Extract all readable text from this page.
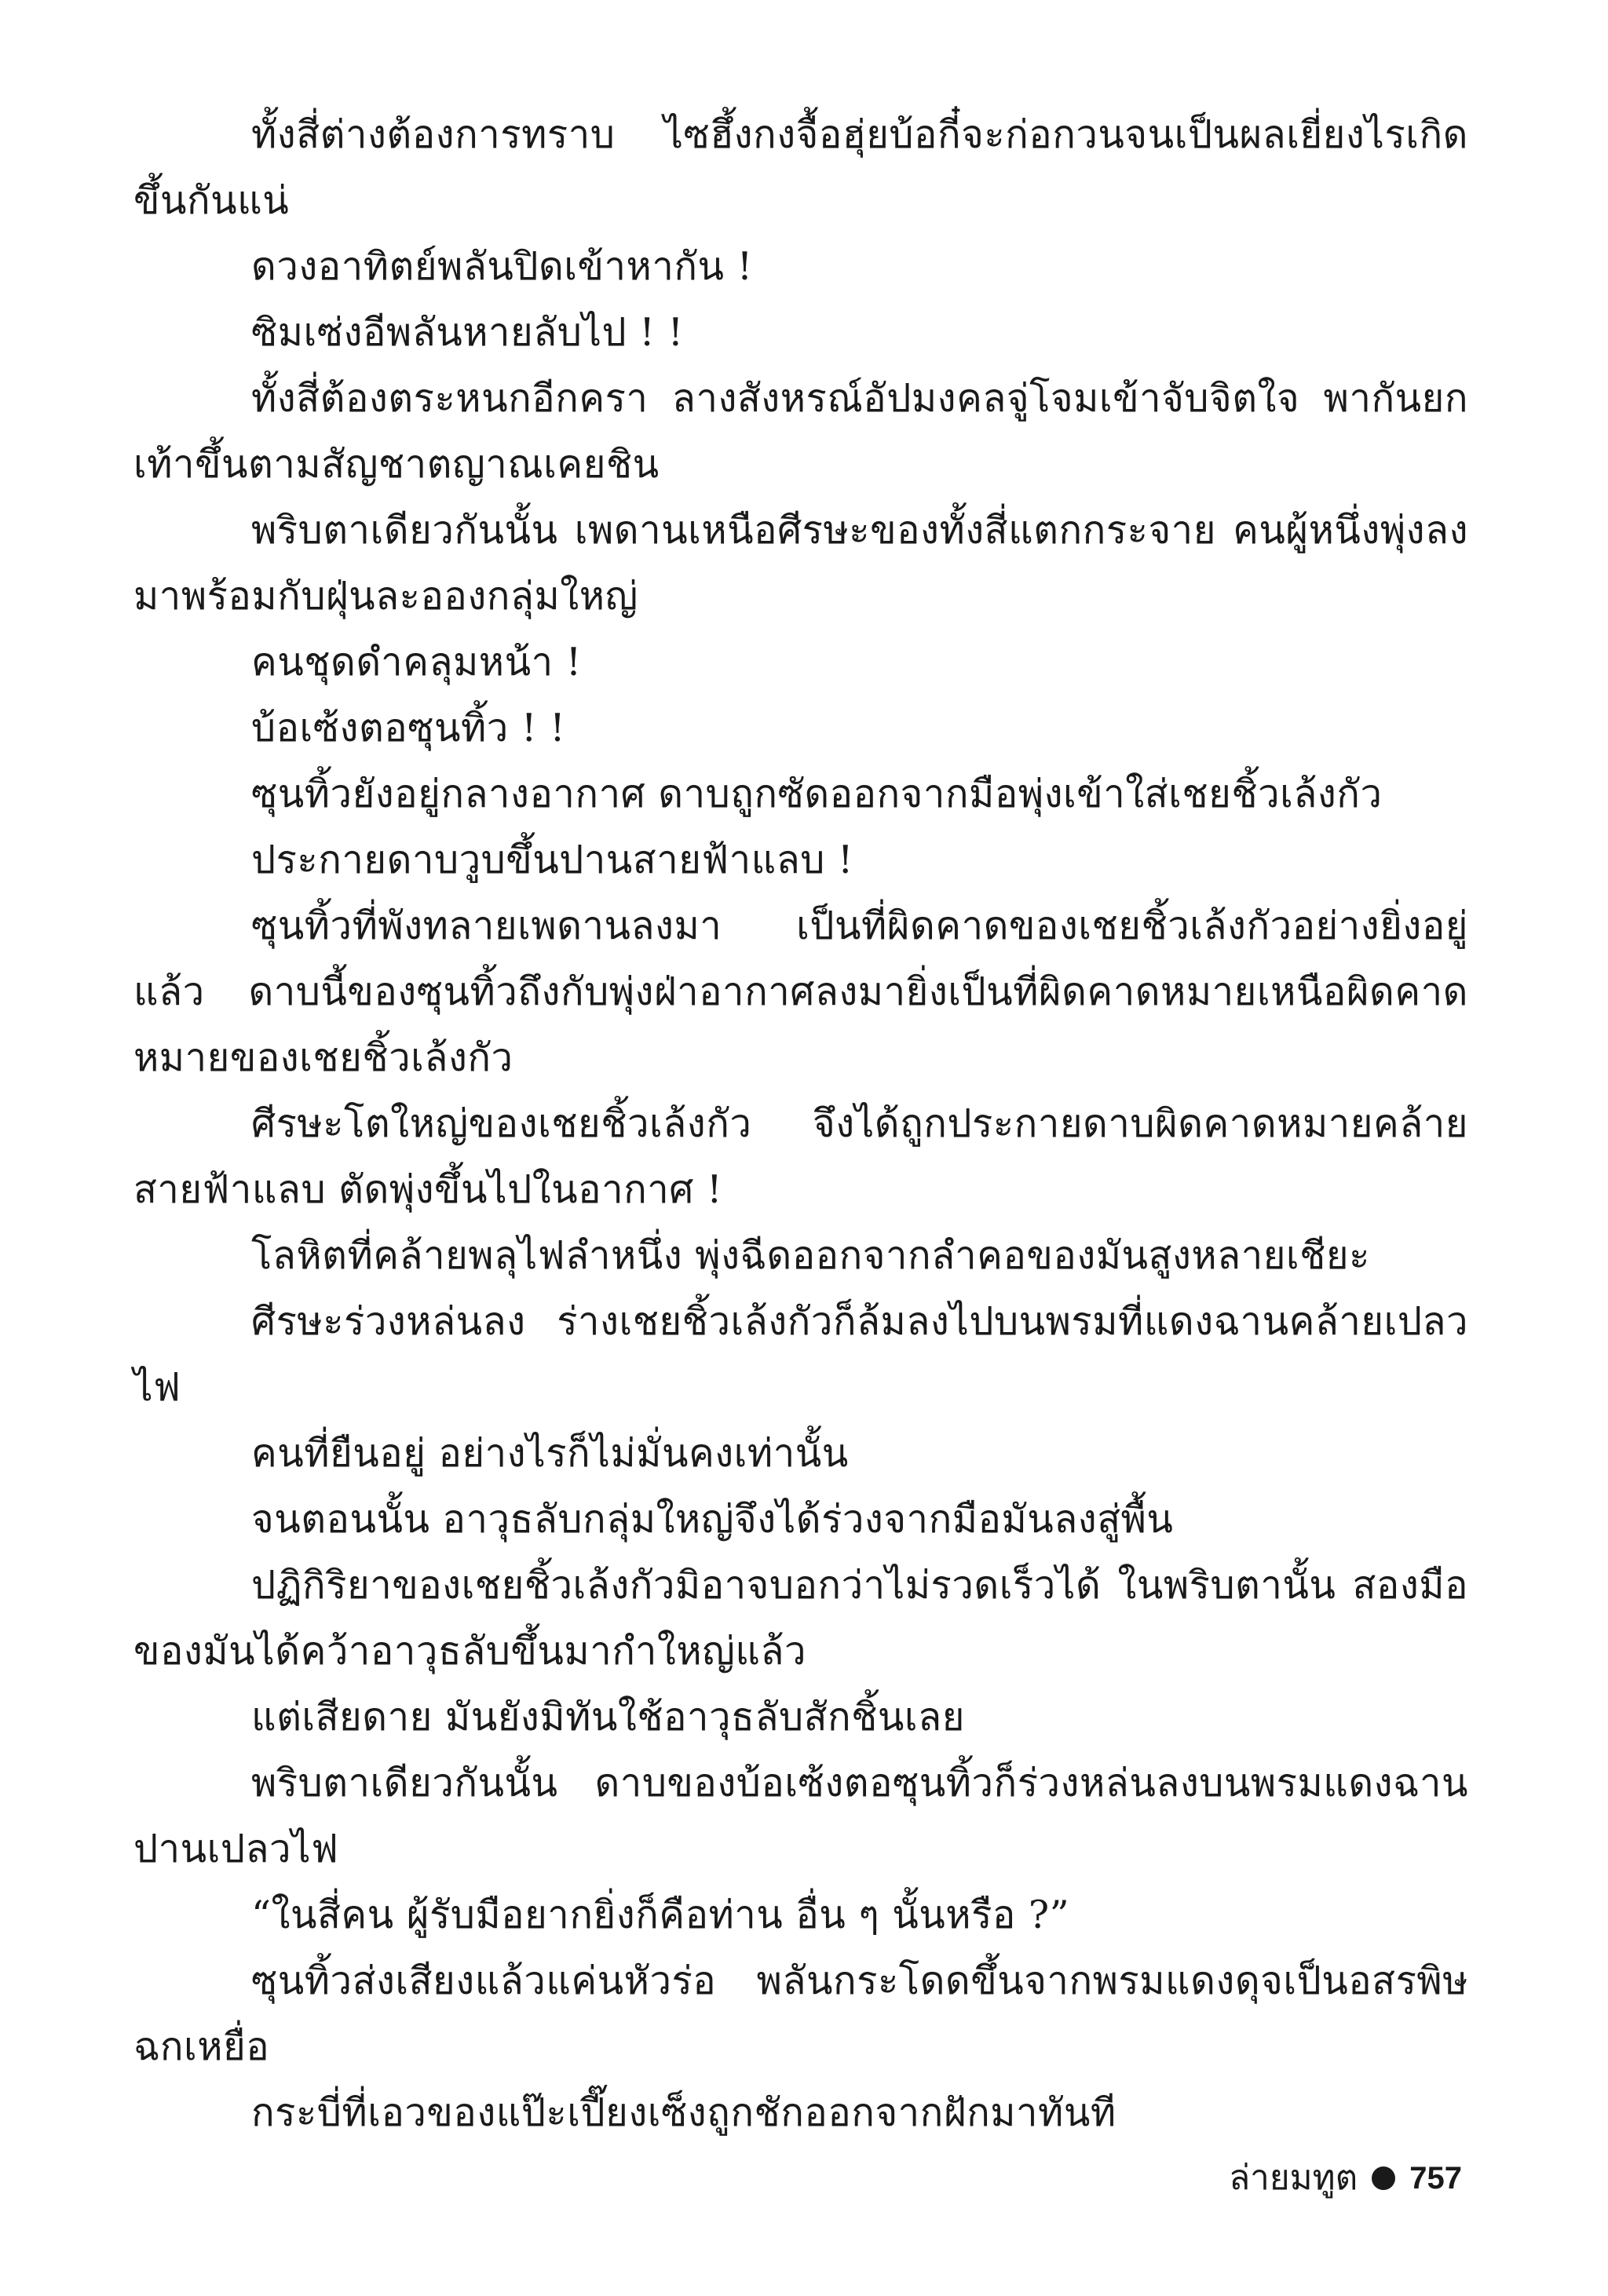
ทั้งสี่ต่างต้องการทราบ ไซฮึ้งกงจื้อฮุ่ยบ้อกี๋จะก่อกวนจนเป็นผลเยี่ยงไรเกิดขึ้นกันแน่

ดวงอาทิตย์พลันปิดเข้าหากัน !

ซิมเซ่งอีพลันหายลับไป ! !

ทั้งสี่ต้องตระหนกอีกครา ลางสังหรณ์อัปมงคลจู่โจมเข้าจับจิตใจ พากันยกเท้าขึ้นตามสัญชาตญาณเคยชิน

พริบตาเดียวกันนั้น เพดานเหนือศีรษะของทั้งสี่แตกกระจาย คนผู้หนึ่งพุ่งลงมาพร้อมกับฝุ่นละอองกลุ่มใหญ่

คนชุดดำคลุมหน้า !

บ้อเซ้งตอซุนทิ้ว ! !

ซุนทิ้วยังอยู่กลางอากาศ ดาบถูกซัดออกจากมือพุ่งเข้าใส่เชยชิ้วเล้งกัว

ประกายดาบวูบขึ้นปานสายฟ้าแลบ !

ซุนทิ้วที่พังทลายเพดานลงมา เป็นที่ผิดคาดของเชยชิ้วเล้งกัวอย่างยิ่งอยู่แล้ว ดาบนี้ของซุนทิ้วถึงกับพุ่งฝ่าอากาศลงมายิ่งเป็นที่ผิดคาดหมายเหนือผิดคาดหมายของเชยชิ้วเล้งกัว

ศีรษะโตใหญ่ของเชยชิ้วเล้งกัว จึงได้ถูกประกายดาบผิดคาดหมายคล้ายสายฟ้าแลบ ตัดพุ่งขึ้นไปในอากาศ !

โลหิตที่คล้ายพลุไฟลำหนึ่ง พุ่งฉีดออกจากลำคอของมันสูงหลายเชียะ

ศีรษะร่วงหล่นลง ร่างเชยชิ้วเล้งกัวก็ล้มลงไปบนพรมที่แดงฉานคล้ายเปลวไฟ

คนที่ยืนอยู่ อย่างไรก็ไม่มั่นคงเท่านั้น

จนตอนนั้น อาวุธลับกลุ่มใหญ่จึงได้ร่วงจากมือมันลงสู่พื้น

ปฏิกิริยาของเชยชิ้วเล้งกัวมิอาจบอกว่าไม่รวดเร็วได้ ในพริบตานั้น สองมือของมันได้คว้าอาวุธลับขึ้นมากำใหญ่แล้ว

แต่เสียดาย มันยังมิทันใช้อาวุธลับสักชิ้นเลย

พริบตาเดียวกันนั้น ดาบของบ้อเซ้งตอซุนทิ้วก็ร่วงหล่นลงบนพรมแดงฉานปานเปลวไฟ

“ในสี่คน ผู้รับมือยากยิ่งก็คือท่าน อื่น ๆ นั้นหรือ ?”

ซุนทิ้วส่งเสียงแล้วแค่นหัวร่อ พลันกระโดดขึ้นจากพรมแดงดุจเป็นอสรพิษฉกเหยื่อ

กระบี่ที่เอวของแป๊ะเปี๊ยงเซ็งถูกชักออกจากฝักมาทันที

ล่ายมทูต 757
